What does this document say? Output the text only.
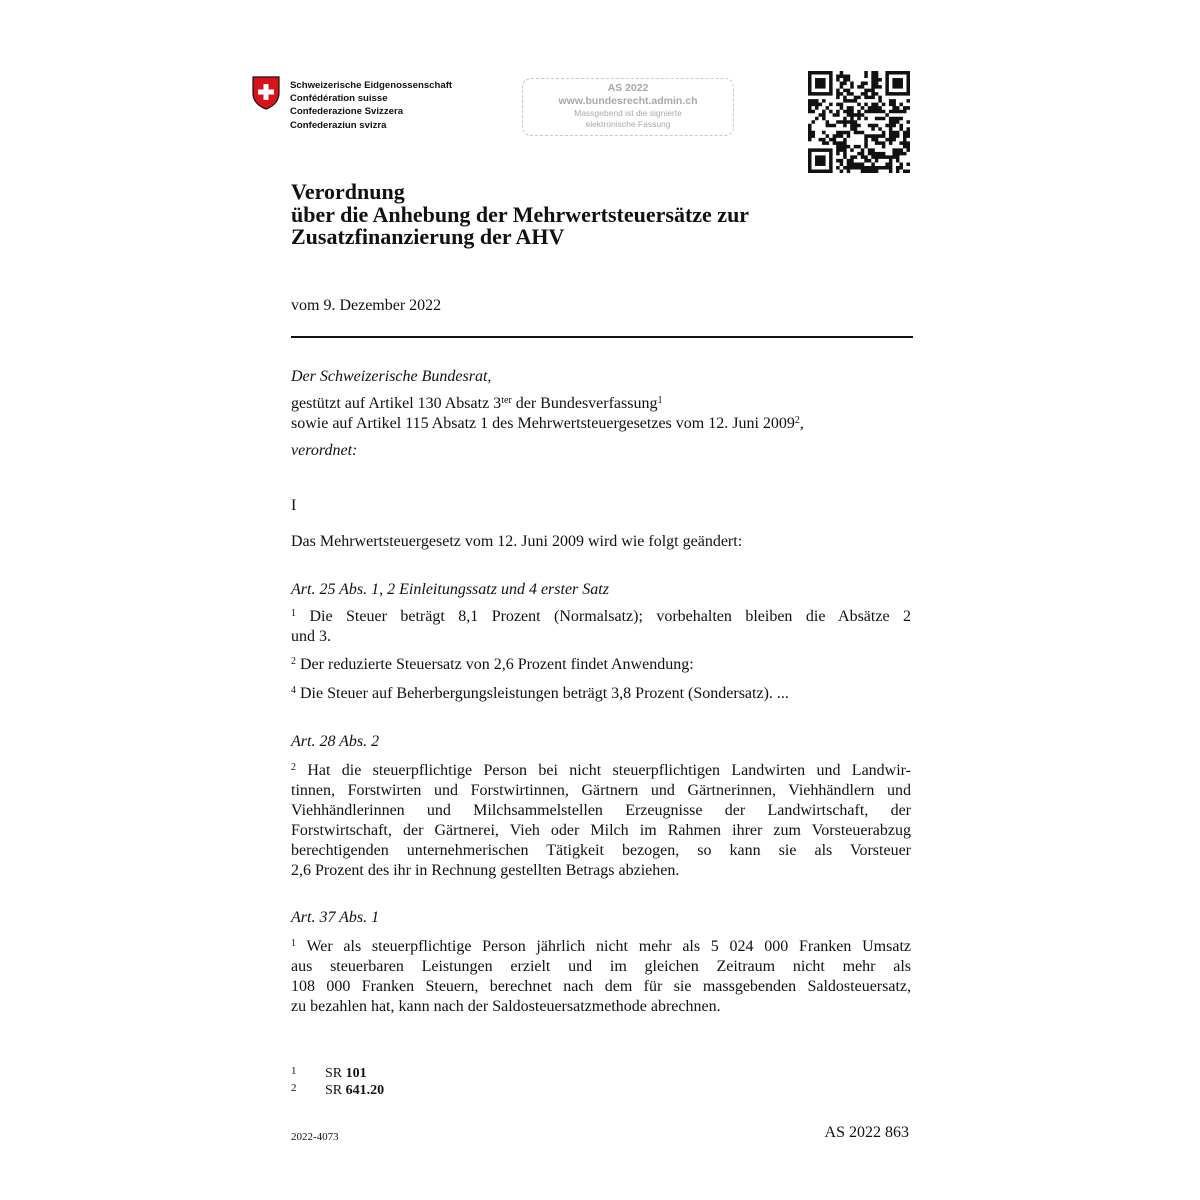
Schweizerische Eidgenossenschaft
Confédération suisse
Confederazione Svizzera
Confederaziun svizra
AS 2022
www.bundesrecht.admin.ch
Massgebend ist die signierte
elektronische Fassung
Verordnung
über die Anhebung der Mehrwertsteuersätze zur
Zusatzfinanzierung der AHV
vom 9. Dezember 2022
Der Schweizerische Bundesrat,
gestützt auf Artikel 130 Absatz $3^{ter}$ der Bundesverfassung$^1$
sowie auf Artikel 115 Absatz 1 des Mehrwertsteuergesetzes vom 12. Juni 2009$^2$,
verordnet:
I
Das Mehrwertsteuergesetz vom 12. Juni 2009 wird wie folgt geändert:
Art. 25 Abs. 1, 2 Einleitungssatz und 4 erster Satz
$^1$ Die Steuer beträgt 8,1 Prozent (Normalsatz); vorbehalten bleiben die Absätze 2
und 3.
$^2$ Der reduzierte Steuersatz von 2,6 Prozent findet Anwendung:
$^4$ Die Steuer auf Beherbergungsleistungen beträgt 3,8 Prozent (Sondersatz). ...
Art. 28 Abs. 2
$^2$ Hat die steuerpflichtige Person bei nicht steuerpflichtigen Landwirten und Landwir-
tinnen, Forstwirten und Forstwirtinnen, Gärtnern und Gärtnerinnen, Viehhändlern und
Viehhändlerinnen und Milchsammelstellen Erzeugnisse der Landwirtschaft, der
Forstwirtschaft, der Gärtnerei, Vieh oder Milch im Rahmen ihrer zum Vorsteuerabzug
berechtigenden unternehmerischen Tätigkeit bezogen, so kann sie als Vorsteuer
2,6 Prozent des ihr in Rechnung gestellten Betrags abziehen.
Art. 37 Abs. 1
$^1$ Wer als steuerpflichtige Person jährlich nicht mehr als 5 024 000 Franken Umsatz
aus steuerbaren Leistungen erzielt und im gleichen Zeitraum nicht mehr als
108 000 Franken Steuern, berechnet nach dem für sie massgebenden Saldosteuersatz,
zu bezahlen hat, kann nach der Saldosteuersatzmethode abrechnen.
1 SR 101
2 SR 641.20
2022-4073	AS 2022 863
